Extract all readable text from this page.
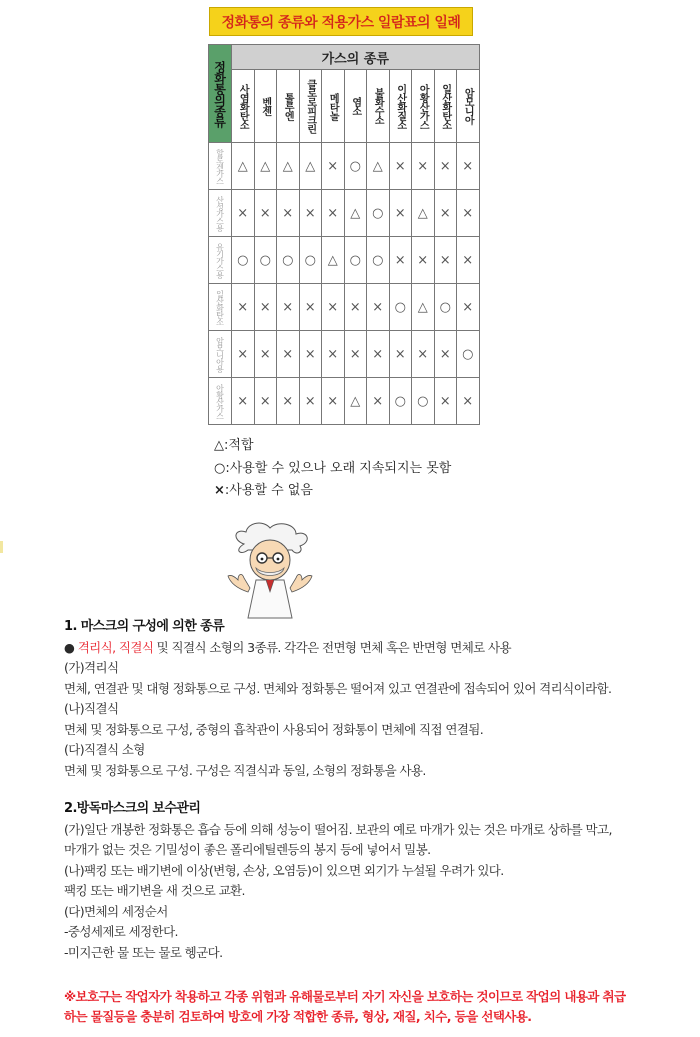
정화통의 종류와 적용가스 일람표의 일례
정화통의종류	가스의 종류										
	사염화탄소	벤젠	톨루엔	클로로피크린	메타놀	염소	불화수소	이산화질소	아황산가스	일산화탄소	암모니아
할로겐가스	△	△	△	△	×	○	△	×	×	×	×
산성가스용	×	×	×	×	×	△	○	×	△	×	×
유기가스용	○	○	○	○	△	○	○	×	×	×	×
일산화탄소	×	×	×	×	×	×	×	○	△	○	×
암모니아용	×	×	×	×	×	×	×	×	×	×	○
아황산가스	×	×	×	×	×	△	×	○	○	×	×
△:적합
○:사용할 수 있으나 오래 지속되지는 못함
×:사용할 수 없음

1. 마스크의 구성에 의한 종류

● 격리식, 직결식 및 직결식 소형의 3종류. 각각은 전면형 면체 혹은 반면형 면체로 사용

(가)격리식

면체, 연결관 및 대형 정화통으로 구성. 면체와 정화통은 떨어져 있고 연결관에 접속되어 있어 격리식이라함.

(나)직결식

면체 및 정화통으로 구성, 중형의 흡착관이 사용되어 정화통이 면체에 직접 연결됨.

(다)직결식 소형

면체 및 정화통으로 구성. 구성은 직결식과 동일, 소형의 정화통을 사용.

2.방독마스크의 보수관리

(가)일단 개봉한 정화통은 흡습 등에 의해 성능이 떨어짐. 보관의 예로 마개가 있는 것은 마개로 상하를 막고,

마개가 없는 것은 기밀성이 좋은 폴리에틸렌등의 봉지 등에 넣어서 밀봉.

(나)팩킹 또는 배기변에 이상(변형, 손상, 오염등)이 있으면 외기가 누설될 우려가 있다.

팩킹 또는 배기변을 새 것으로 교환.

(다)면체의 세정순서

-중성세제로 세정한다.

-미지근한 물 또는 물로 헹군다.

※보호구는 작업자가 착용하고 각종 위험과 유해물로부터 자기 자신을 보호하는 것이므로 작업의 내용과 취급

하는 물질등을 충분히 검토하여 방호에 가장 적합한 종류, 형상, 재질, 치수, 등을 선택사용.
